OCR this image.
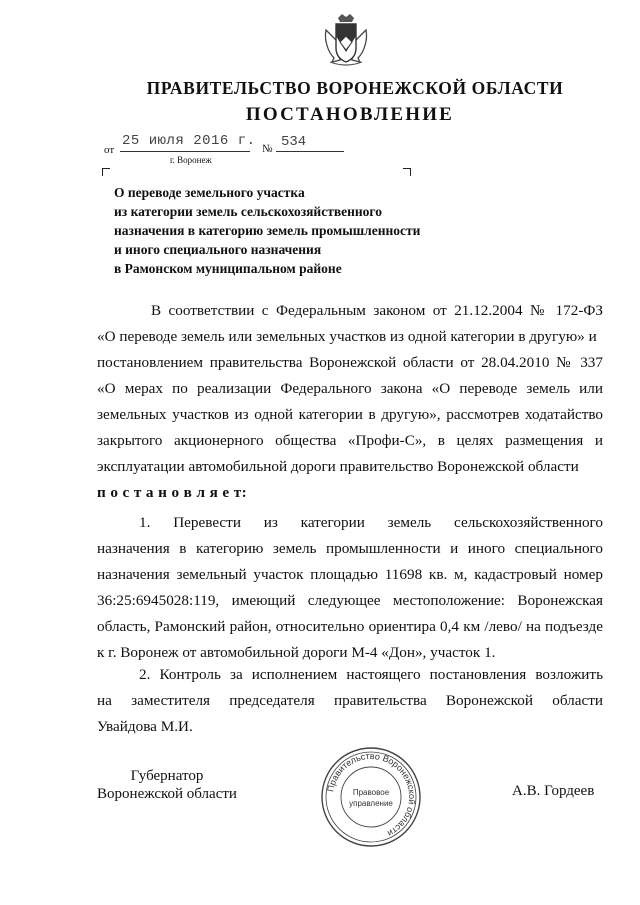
ПРАВИТЕЛЬСТВО ВОРОНЕЖСКОЙ ОБЛАСТИ
ПОСТАНОВЛЕНИЕ
от
25 июля 2016 г. № 534
г. Воронеж
О переводе земельного участка
из категории земель сельскохозяйственного
назначения в категорию земель промышленности
и иного специального назначения
в Рамонском муниципальном районе
В соответствии с Федеральным законом от 21.12.2004 № 172-ФЗ
«О переводе земель или земельных участков из одной категории в другую» и
постановлением правительства Воронежской области от 28.04.2010 № 337
«О мерах по реализации Федерального закона «О переводе земель или
земельных участков из одной категории в другую», рассмотрев ходатайство
закрытого акционерного общества «Профи-С», в целях размещения и
эксплуатации автомобильной дороги правительство Воронежской области
п о с т а н о в л я е т:
1. Перевести из категории земель сельскохозяйственного
назначения в категорию земель промышленности и иного специального
назначения земельный участок площадью 11698 кв. м, кадастровый номер
36:25:6945028:119, имеющий следующее местоположение: Воронежская
область, Рамонский район, относительно ориентира 0,4 км /лево/ на подъезде
к г. Воронеж от автомобильной дороги М-4 «Дон», участок 1.
2. Контроль за исполнением настоящего постановления возложить
на заместителя председателя правительства Воронежской области
Увайдова М.И.
Губернатор
Воронежской области	А.В. Гордеев
Правительство Воронежской области
Правовое
управление
